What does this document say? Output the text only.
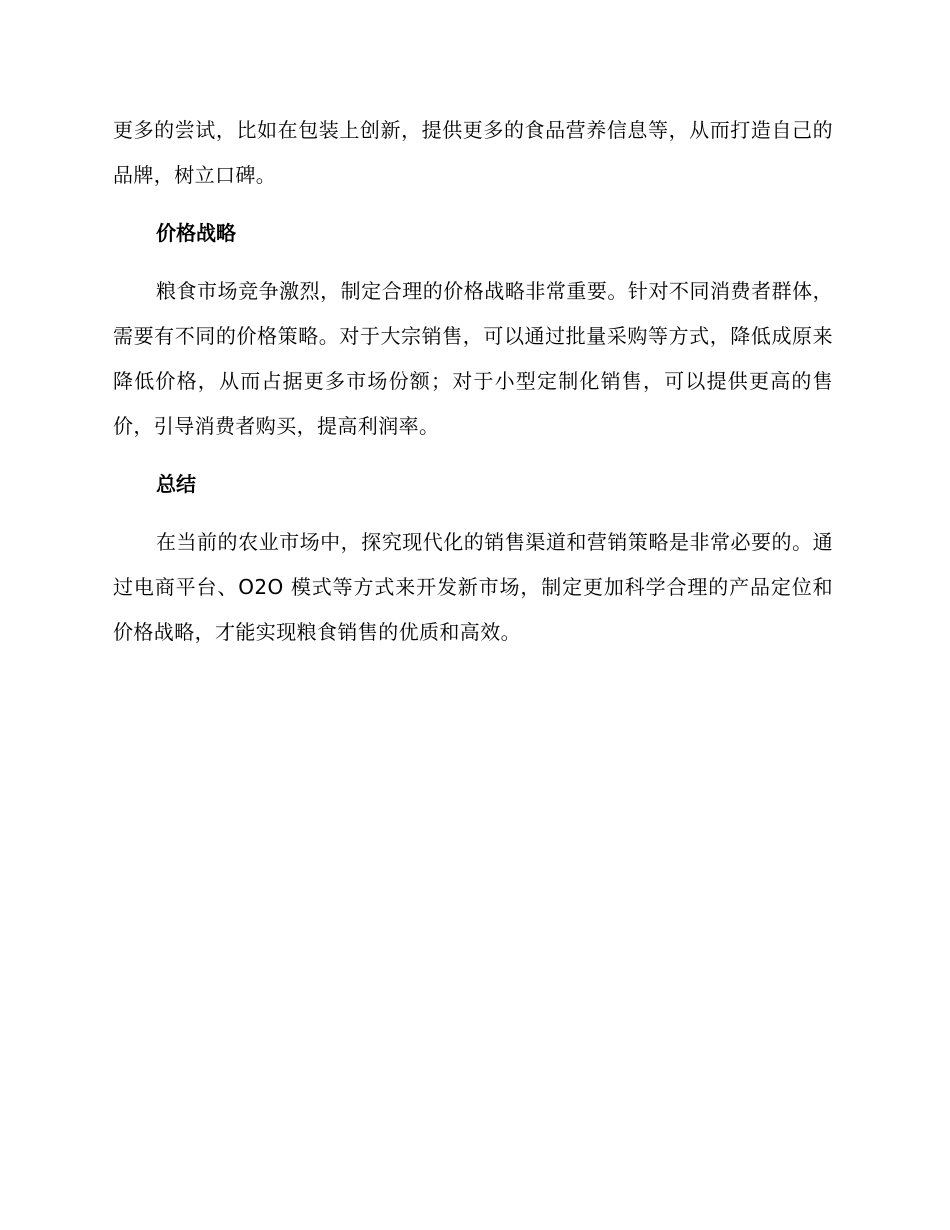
更多的尝试，比如在包装上创新，提供更多的食品营养信息等，从而打造自己的品牌，树立口碑。

价格战略

粮食市场竞争激烈，制定合理的价格战略非常重要。针对不同消费者群体，需要有不同的价格策略。对于大宗销售，可以通过批量采购等方式，降低成原来降低价格，从而占据更多市场份额；对于小型定制化销售，可以提供更高的售价，引导消费者购买，提高利润率。

总结

在当前的农业市场中，探究现代化的销售渠道和营销策略是非常必要的。通过电商平台、O2O 模式等方式来开发新市场，制定更加科学合理的产品定位和价格战略，才能实现粮食销售的优质和高效。
